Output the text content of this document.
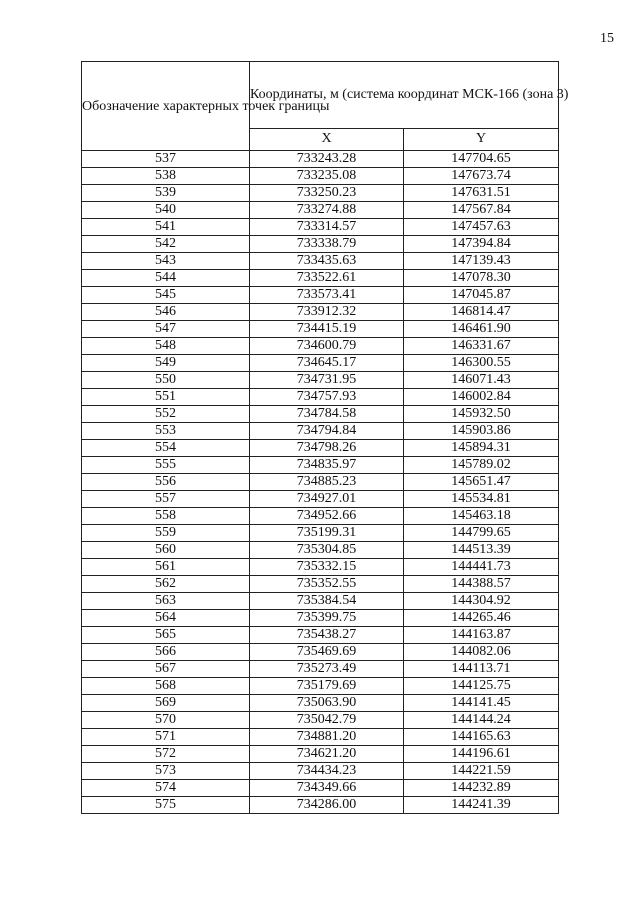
15
Обозначение характерных точек границы	Координаты, м (система координат МСК-166 (зона 3)	
	X	Y
537	733243.28	147704.65
538	733235.08	147673.74
539	733250.23	147631.51
540	733274.88	147567.84
541	733314.57	147457.63
542	733338.79	147394.84
543	733435.63	147139.43
544	733522.61	147078.30
545	733573.41	147045.87
546	733912.32	146814.47
547	734415.19	146461.90
548	734600.79	146331.67
549	734645.17	146300.55
550	734731.95	146071.43
551	734757.93	146002.84
552	734784.58	145932.50
553	734794.84	145903.86
554	734798.26	145894.31
555	734835.97	145789.02
556	734885.23	145651.47
557	734927.01	145534.81
558	734952.66	145463.18
559	735199.31	144799.65
560	735304.85	144513.39
561	735332.15	144441.73
562	735352.55	144388.57
563	735384.54	144304.92
564	735399.75	144265.46
565	735438.27	144163.87
566	735469.69	144082.06
567	735273.49	144113.71
568	735179.69	144125.75
569	735063.90	144141.45
570	735042.79	144144.24
571	734881.20	144165.63
572	734621.20	144196.61
573	734434.23	144221.59
574	734349.66	144232.89
575	734286.00	144241.39
